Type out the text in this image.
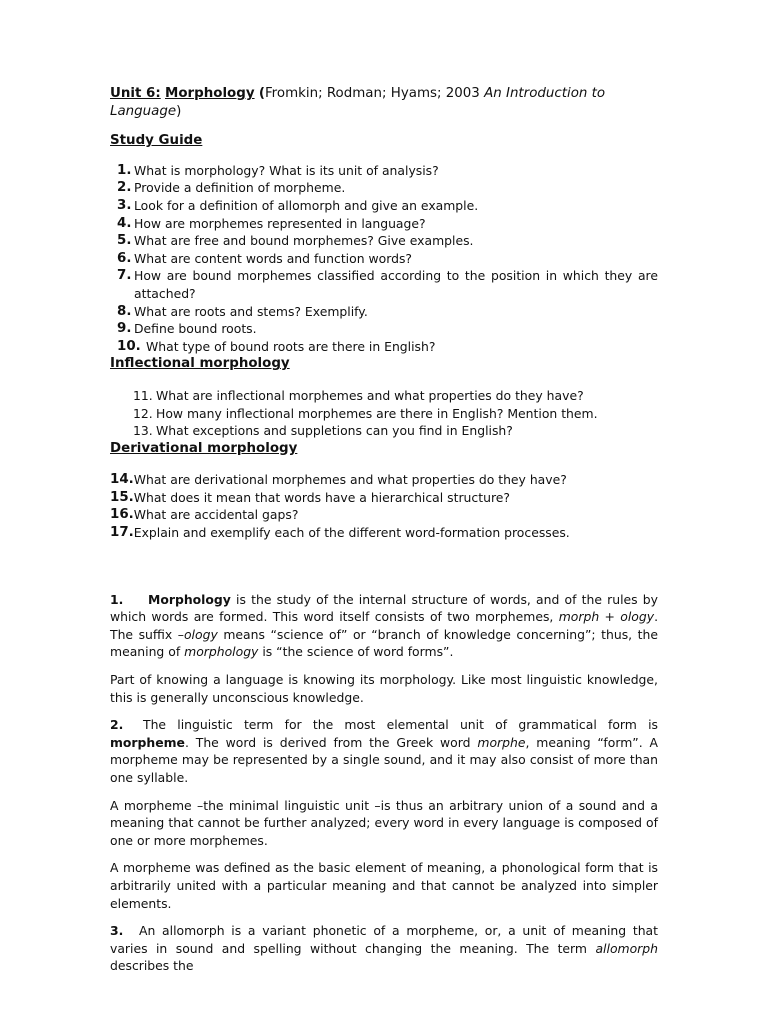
Unit 6: Morphology (Fromkin; Rodman; Hyams; 2003 An Introduction to Language)

Study Guide

1. What is morphology? What is its unit of analysis?
2. Provide a definition of morpheme.
3. Look for a definition of allomorph and give an example.
4. How are morphemes represented in language?
5. What are free and bound morphemes? Give examples.
6. What are content words and function words?
7. How are bound morphemes classified according to the position in which they are attached?
8. What are roots and stems? Exemplify.
9. Define bound roots.
10. What type of bound roots are there in English?

Inflectional morphology

11. What are inflectional morphemes and what properties do they have?
12. How many inflectional morphemes are there in English? Mention them.
13. What exceptions and suppletions can you find in English?

Derivational morphology

14. What are derivational morphemes and what properties do they have?
15. What does it mean that words have a hierarchical structure?
16. What are accidental gaps?
17. Explain and exemplify each of the different word-formation processes.

1. Morphology is the study of the internal structure of words, and of the rules by which words are formed. This word itself consists of two morphemes, morph + ology. The suffix –ology means “science of” or “branch of knowledge concerning”; thus, the meaning of morphology is “the science of word forms”.

Part of knowing a language is knowing its morphology. Like most linguistic knowledge, this is generally unconscious knowledge.

2. The linguistic term for the most elemental unit of grammatical form is morpheme. The word is derived from the Greek word morphe, meaning “form”. A morpheme may be represented by a single sound, and it may also consist of more than one syllable.

A morpheme –the minimal linguistic unit –is thus an arbitrary union of a sound and a meaning that cannot be further analyzed; every word in every language is composed of one or more morphemes.

A morpheme was defined as the basic element of meaning, a phonological form that is arbitrarily united with a particular meaning and that cannot be analyzed into simpler elements.

3. An allomorph is a variant phonetic of a morpheme, or, a unit of meaning that varies in sound and spelling without changing the meaning. The term allomorph describes the
